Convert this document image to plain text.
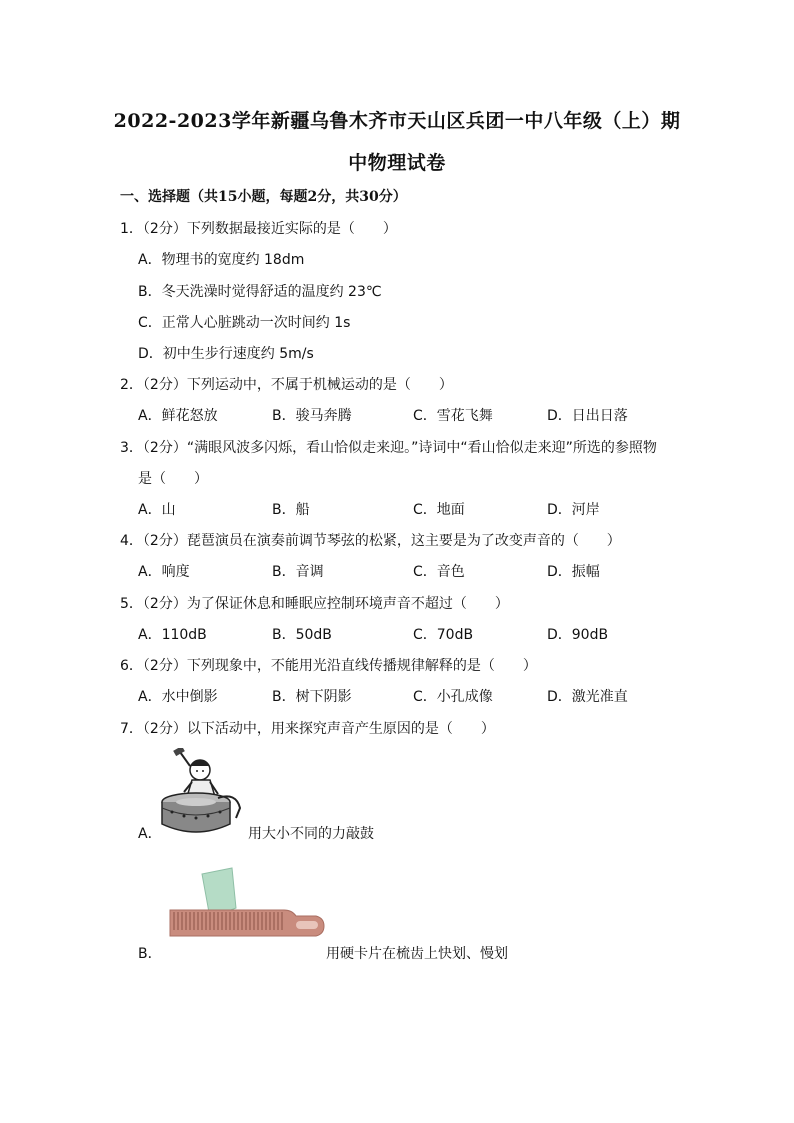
2022-2023学年新疆乌鲁木齐市天山区兵团一中八年级（上）期
中物理试卷
一、选择题（共15小题，每题2分，共30分）
1．（2分）下列数据最接近实际的是（　　）
A．物理书的宽度约 18dm
B．冬天洗澡时觉得舒适的温度约 23℃
C．正常人心脏跳动一次时间约 1s
D．初中生步行速度约 5m/s
2．（2分）下列运动中，不属于机械运动的是（　　）
A．鲜花怒放	B．骏马奔腾	C．雪花飞舞	D．日出日落
3．（2分）“满眼风波多闪烁，看山恰似走来迎。”诗词中“看山恰似走来迎”所选的参照物
是（　　）
A．山	B．船	C．地面	D．河岸
4．（2分）琵琶演员在演奏前调节琴弦的松紧，这主要是为了改变声音的（　　）
A．响度	B．音调	C．音色	D．振幅
5．（2分）为了保证休息和睡眠应控制环境声音不超过（　　）
A．110dB	B．50dB	C．70dB	D．90dB
6．（2分）下列现象中，不能用光沿直线传播规律解释的是（　　）
A．水中倒影	B．树下阴影	C．小孔成像	D．激光准直
7．（2分）以下活动中，用来探究声音产生原因的是（　　）
A．	用大小不同的力敲鼓
B．	用硬卡片在梳齿上快划、慢划
